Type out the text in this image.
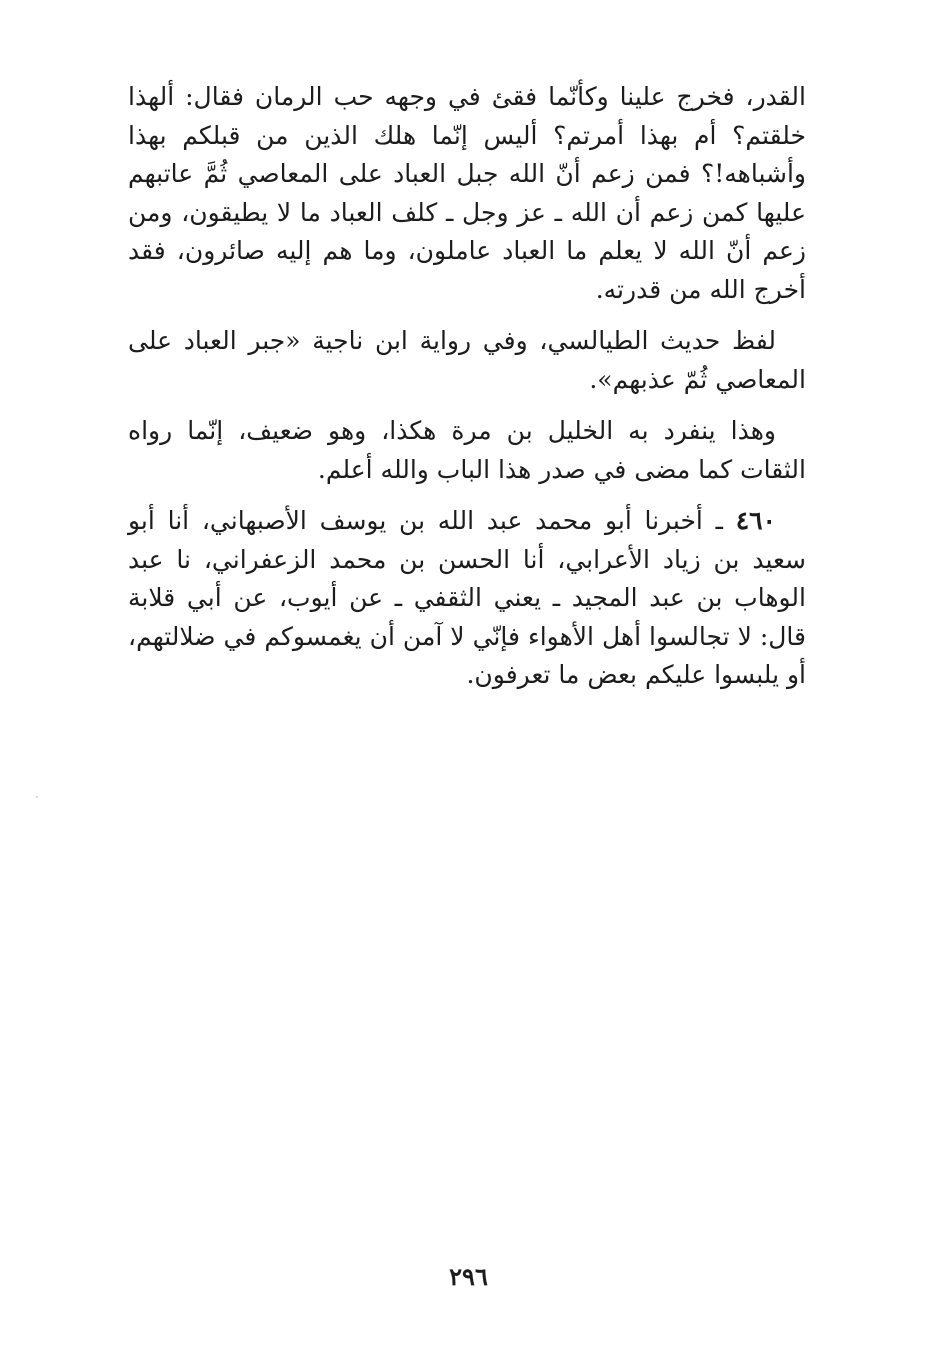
القدر، فخرج علينا وكأنّما فقئ في وجهه حب الرمان فقال: ألهذا خلقتم؟ أم بهذا أمرتم؟ أليس إنّما هلك الذين من قبلكم بهذا وأشباهه!؟ فمن زعم أنّ الله جبل العباد على المعاصي ثُمَّ عاتبهم عليها كمن زعم أن الله ـ عز وجل ـ كلف العباد ما لا يطيقون، ومن زعم أنّ الله لا يعلم ما العباد عاملون، وما هم إليه صائرون، فقد أخرج الله من قدرته.

لفظ حديث الطيالسي، وفي رواية ابن ناجية «جبر العباد على المعاصي ثُمّ عذبهم».

وهذا ينفرد به الخليل بن مرة هكذا، وهو ضعيف، إنّما رواه الثقات كما مضى في صدر هذا الباب والله أعلم.

٤٦٠ ـ أخبرنا أبو محمد عبد الله بن يوسف الأصبهاني، أنا أبو سعيد بن زياد الأعرابي، أنا الحسن بن محمد الزعفراني، نا عبد الوهاب بن عبد المجيد ـ يعني الثقفي ـ عن أيوب، عن أبي قلابة قال: لا تجالسوا أهل الأهواء فإنّي لا آمن أن يغمسوكم في ضلالتهم، أو يلبسوا عليكم بعض ما تعرفون.

٢٩٦
